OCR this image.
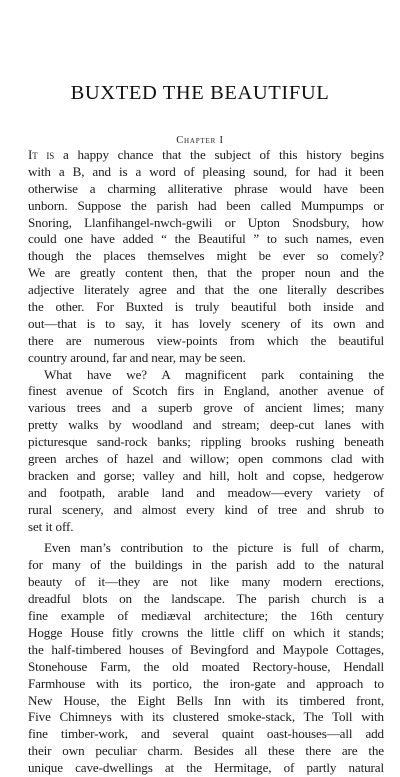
BUXTED THE BEAUTIFUL
Chapter I
It is a happy chance that the subject of this history begins
with a B, and is a word of pleasing sound, for had it been
otherwise a charming alliterative phrase would have been
unborn. Suppose the parish had been called Mumpumps or
Snoring, Llanfihangel-nwch-gwili or Upton Snodsbury, how
could one have added “ the Beautiful ” to such names, even
though the places themselves might be ever so comely?
We are greatly content then, that the proper noun and the
adjective literately agree and that the one literally describes
the other. For Buxted is truly beautiful both inside and
out—that is to say, it has lovely scenery of its own and
there are numerous view-points from which the beautiful
country around, far and near, may be seen.
What have we? A magnificent park containing the
finest avenue of Scotch firs in England, another avenue of
various trees and a superb grove of ancient limes; many
pretty walks by woodland and stream; deep-cut lanes with
picturesque sand-rock banks; rippling brooks rushing beneath
green arches of hazel and willow; open commons clad with
bracken and gorse; valley and hill, holt and copse, hedgerow
and footpath, arable land and meadow—every variety of
rural scenery, and almost every kind of tree and shrub to
set it off.
Even man’s contribution to the picture is full of charm,
for many of the buildings in the parish add to the natural
beauty of it—they are not like many modern erections,
dreadful blots on the landscape. The parish church is a
fine example of mediæval architecture; the 16th century
Hogge House fitly crowns the little cliff on which it stands;
the half-timbered houses of Bevingford and Maypole Cottages,
Stonehouse Farm, the old moated Rectory-house, Hendall
Farmhouse with its portico, the iron-gate and approach to
New House, the Eight Bells Inn with its timbered front,
Five Chimneys with its clustered smoke-stack, The Toll with
fine timber-work, and several quaint oast-houses—all add
their own peculiar charm. Besides all these there are the
unique cave-dwellings at the Hermitage, of partly natural
